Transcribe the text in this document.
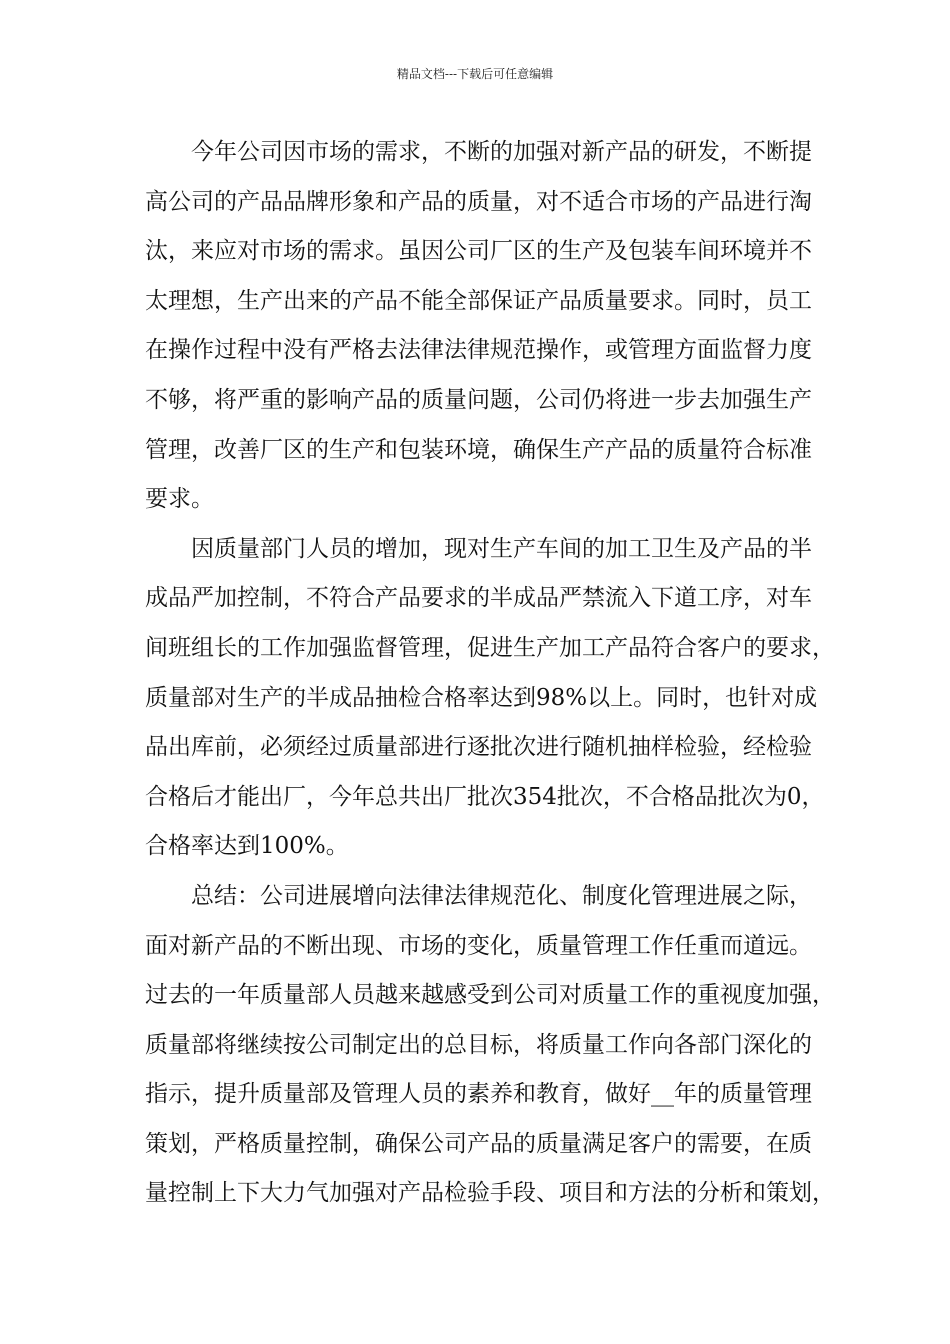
精品文档---下载后可任意编辑
今年公司因市场的需求，不断的加强对新产品的研发，不断提
高公司的产品品牌形象和产品的质量，对不适合市场的产品进行淘
汰，来应对市场的需求。虽因公司厂区的生产及包装车间环境并不
太理想，生产出来的产品不能全部保证产品质量要求。同时，员工
在操作过程中没有严格去法律法律规范操作，或管理方面监督力度
不够，将严重的影响产品的质量问题，公司仍将进一步去加强生产
管理，改善厂区的生产和包装环境，确保生产产品的质量符合标准
要求。
因质量部门人员的增加，现对生产车间的加工卫生及产品的半
成品严加控制，不符合产品要求的半成品严禁流入下道工序，对车
间班组长的工作加强监督管理，促进生产加工产品符合客户的要求，
质量部对生产的半成品抽检合格率达到98%以上。同时，也针对成
品出库前，必须经过质量部进行逐批次进行随机抽样检验，经检验
合格后才能出厂，今年总共出厂批次354批次，不合格品批次为0，
合格率达到100%。
总结：公司进展增向法律法律规范化、制度化管理进展之际，
面对新产品的不断出现、市场的变化，质量管理工作任重而道远。
过去的一年质量部人员越来越感受到公司对质量工作的重视度加强，
质量部将继续按公司制定出的总目标，将质量工作向各部门深化的
指示，提升质量部及管理人员的素养和教育，做好__年的质量管理
策划，严格质量控制，确保公司产品的质量满足客户的需要，在质
量控制上下大力气加强对产品检验手段、项目和方法的分析和策划，
